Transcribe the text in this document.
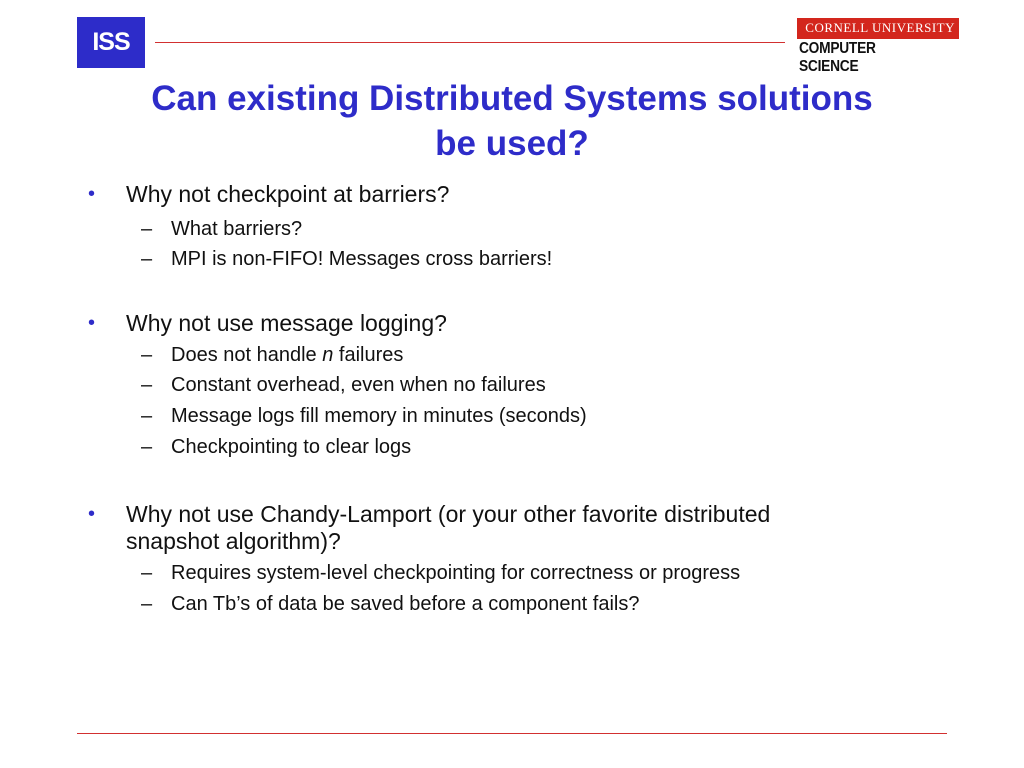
ISS
CORNELL UNIVERSITY
COMPUTER SCIENCE
Can existing Distributed Systems solutions
be used?
• Why not checkpoint at barriers?
– What barriers?
– MPI is non-FIFO! Messages cross barriers!
• Why not use message logging?
– Does not handle n failures
– Constant overhead, even when no failures
– Message logs fill memory in minutes (seconds)
– Checkpointing to clear logs
• Why not use Chandy-Lamport (or your other favorite distributed
snapshot algorithm)?
– Requires system-level checkpointing for correctness or progress
– Can Tb’s of data be saved before a component fails?
